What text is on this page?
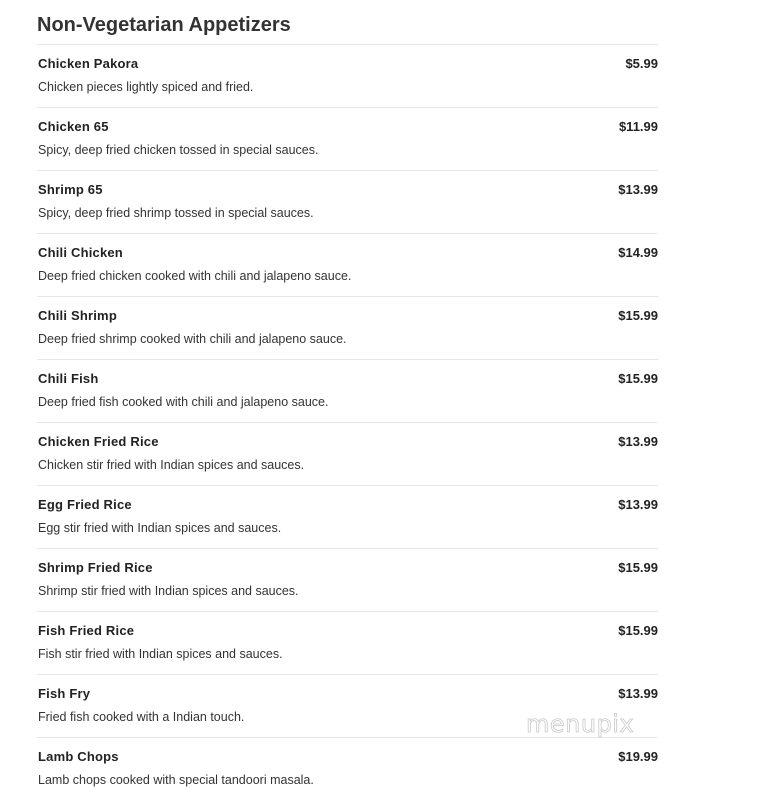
Non-Vegetarian Appetizers
Chicken Pakora	$5.99
Chicken pieces lightly spiced and fried.
Chicken 65	$11.99
Spicy, deep fried chicken tossed in special sauces.
Shrimp 65	$13.99
Spicy, deep fried shrimp tossed in special sauces.
Chili Chicken	$14.99
Deep fried chicken cooked with chili and jalapeno sauce.
Chili Shrimp	$15.99
Deep fried shrimp cooked with chili and jalapeno sauce.
Chili Fish	$15.99
Deep fried fish cooked with chili and jalapeno sauce.
Chicken Fried Rice	$13.99
Chicken stir fried with Indian spices and sauces.
Egg Fried Rice	$13.99
Egg stir fried with Indian spices and sauces.
Shrimp Fried Rice	$15.99
Shrimp stir fried with Indian spices and sauces.
Fish Fried Rice	$15.99
Fish stir fried with Indian spices and sauces.
Fish Fry	$13.99
Fried fish cooked with a Indian touch.
Lamb Chops	$19.99
Lamb chops cooked with special tandoori masala.
menupix
